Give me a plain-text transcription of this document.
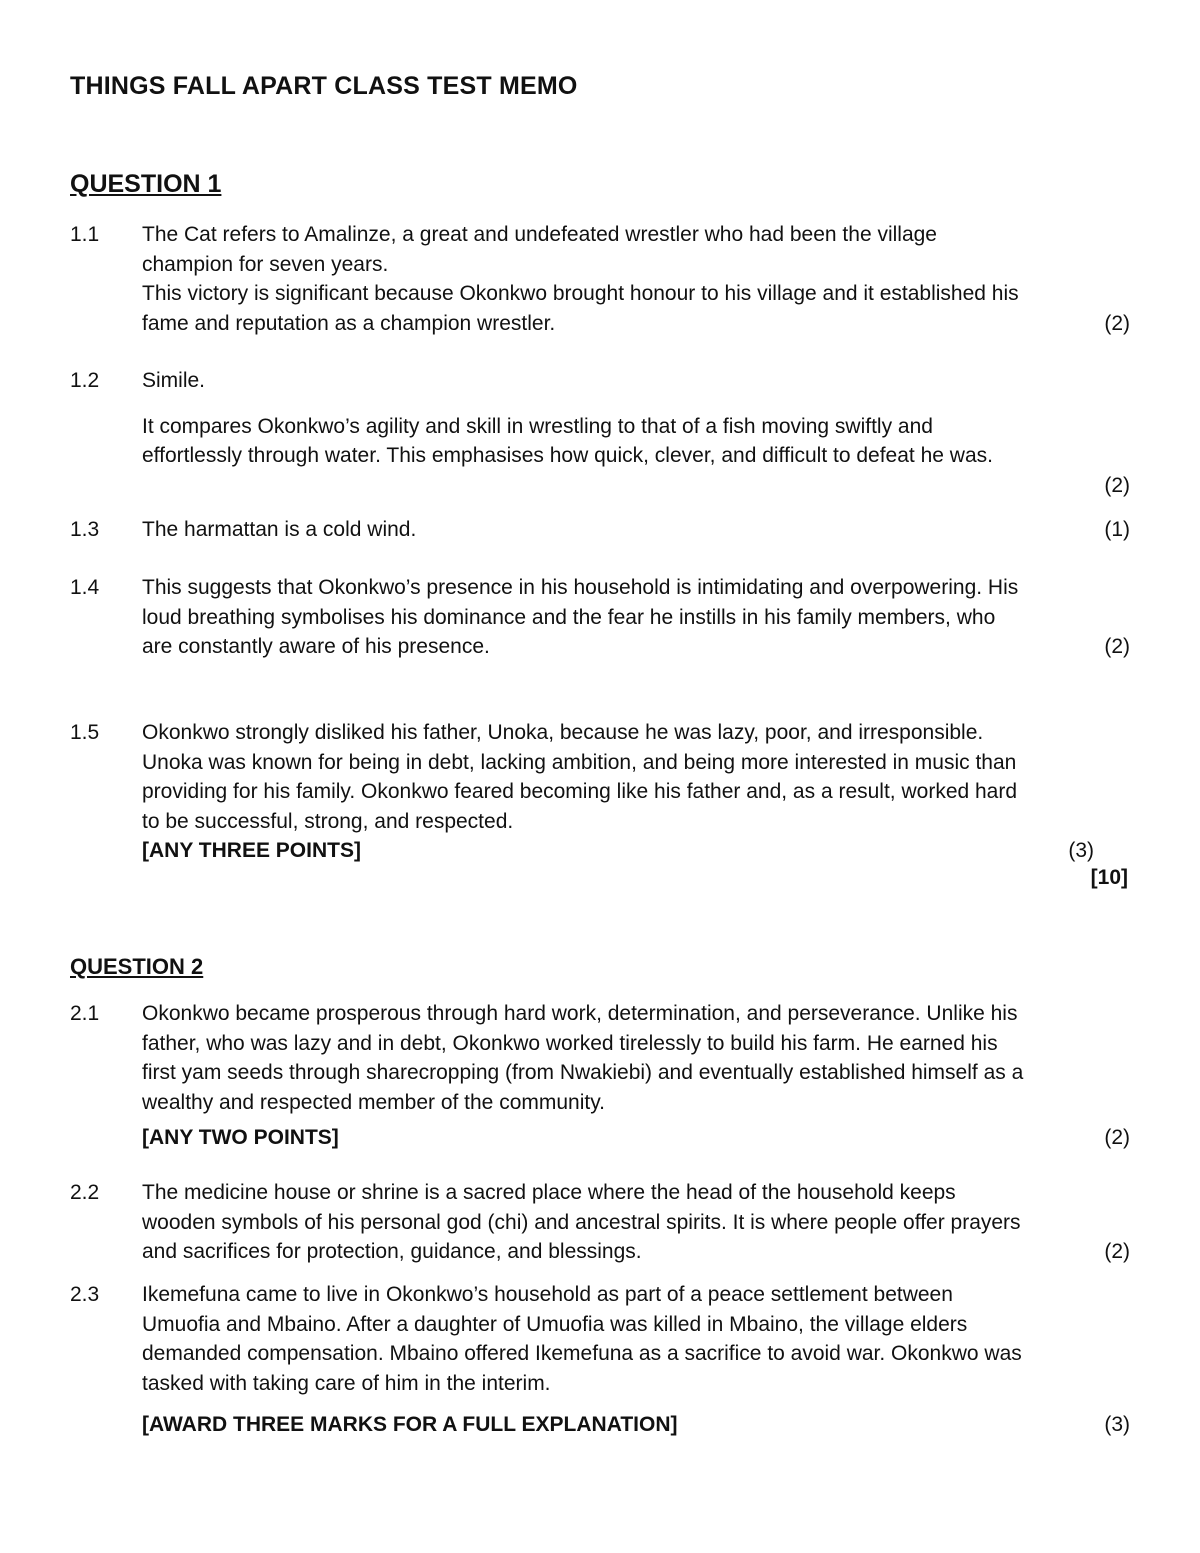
THINGS FALL APART CLASS TEST MEMO
QUESTION 1
1.1 The Cat refers to Amalinze, a great and undefeated wrestler who had been the village
champion for seven years.
This victory is significant because Okonkwo brought honour to his village and it established his
fame and reputation as a champion wrestler.	(2)
1.2 Simile.
It compares Okonkwo’s agility and skill in wrestling to that of a fish moving swiftly and
effortlessly through water. This emphasises how quick, clever, and difficult to defeat he was.
(2)
1.3 The harmattan is a cold wind.	(1)
1.4 This suggests that Okonkwo’s presence in his household is intimidating and overpowering. His
loud breathing symbolises his dominance and the fear he instills in his family members, who
are constantly aware of his presence.	(2)
1.5 Okonkwo strongly disliked his father, Unoka, because he was lazy, poor, and irresponsible.
Unoka was known for being in debt, lacking ambition, and being more interested in music than
providing for his family. Okonkwo feared becoming like his father and, as a result, worked hard
to be successful, strong, and respected.
[ANY THREE POINTS]	(3)
[10]
QUESTION 2
2.1 Okonkwo became prosperous through hard work, determination, and perseverance. Unlike his
father, who was lazy and in debt, Okonkwo worked tirelessly to build his farm. He earned his
first yam seeds through sharecropping (from Nwakiebi) and eventually established himself as a
wealthy and respected member of the community.
[ANY TWO POINTS]	(2)
2.2 The medicine house or shrine is a sacred place where the head of the household keeps
wooden symbols of his personal god (chi) and ancestral spirits. It is where people offer prayers
and sacrifices for protection, guidance, and blessings.	(2)
2.3 Ikemefuna came to live in Okonkwo’s household as part of a peace settlement between
Umuofia and Mbaino. After a daughter of Umuofia was killed in Mbaino, the village elders
demanded compensation. Mbaino offered Ikemefuna as a sacrifice to avoid war. Okonkwo was
tasked with taking care of him in the interim.
[AWARD THREE MARKS FOR A FULL EXPLANATION]	(3)
